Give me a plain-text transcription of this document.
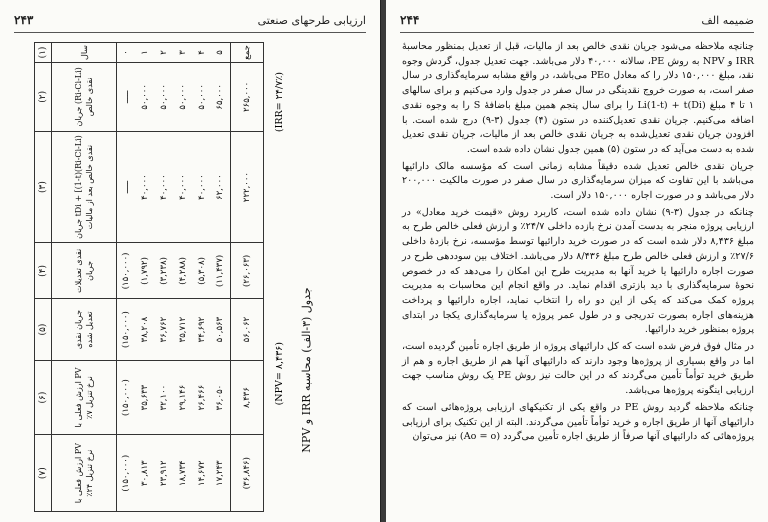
ارزیابی طرحهای صنعتی
۲۴۳
(۱)	(۲)	(۳)	(۴)	(۵)	(۶)	(۷)
سال	(Ri-Ci-Li) جریان نقدی خالص	(Ri-Ci-Li)(1-t)] + tDi جریان نقدی خالص بعد از مالیات	نقدی تعدیلات جریان	جریان نقدی تعدیل شده	PV ارزش فعلی با نرخ تنزیل ۷٪	PV ارزش فعلی با نرخ تنزیل ۲۴٪
۰	ـــــ	ـــــ	(۱۵۰,۰۰۰)	(۱۵۰,۰۰۰)	(۱۵۰,۰۰۰)	(۱۵۰,۰۰۰)
۱	۵۰,۰۰۰	۴۰,۰۰۰	(۱,۷۹۲)	۳۸,۲۰۸	۳۵,۶۳۳	۳۰,۸۱۳
۲	۵۰,۰۰۰	۴۰,۰۰۰	(۳,۲۳۸)	۳۶,۷۶۲	۳۲,۱۰۰	۲۳,۹۱۲
۳	۵۰,۰۰۰	۴۰,۰۰۰	(۴,۲۸۸)	۳۵,۷۱۲	۲۹,۱۴۶	۱۸,۷۳۴
۴	۵۰,۰۰۰	۴۰,۰۰۰	(۵,۳۰۸)	۳۴,۶۹۲	۲۶,۴۶۶	۱۴,۶۷۲
۵	۶۵,۰۰۰	۶۲,۰۰۰	(۱۱,۴۳۷)	۵۰,۵۶۳	۳۶,۰۵۰	۱۷,۲۴۳
جمع	۲۶۵,۰۰۰	۲۲۲,۰۰۰	(۲۶,۰۶۳)	۵۶,۰۶۲	۸,۴۳۶	(۳۶,۸۴۶)
(IRR= ۲۴/۷٪)
(NPV= ۸,۴۳۶)
جدول (۳-الف) محاسبه IRR و NPV
ضمیمه الف
۲۴۴

چنانچه ملاحظه می‌شود جریان نقدی خالص بعد از مالیات، قبل از تعدیل بمنظور محاسبهٔ IRR و NPV به روش PE، سالانه ۴۰,۰۰۰ دلار می‌باشد. جهت تعدیل جدول، گردش وجوه نقد، مبلغ ۱۵۰,۰۰۰ دلار را که معادل PEo می‌باشد، در واقع مشابه سرمایه‌گذاری در سال صفر است، به صورت خروج نقدینگی در سال صفر در جدول وارد می‌کنیم و برای سالهای ۱ تا ۴ مبلغ Li(1-t) + t(Di) را برای سال پنجم همین مبلغ باضافهٔ S را به وجوه نقدی اضافه می‌کنیم. جریان نقدی تعدیل‌کننده در ستون (۴) جدول (۳-۹) درج شده است. با افزودن جریان نقدی تعدیل‌شده به جریان نقدی خالص بعد از مالیات، جریان نقدی تعدیل شده به دست می‌آید که در ستون (۵) همین جدول نشان داده شده است.

جریان نقدی خالص تعدیل شده دقیقاً مشابه زمانی است که مؤسسه مالک دارائیها می‌باشد با این تفاوت که میزان سرمایه‌گذاری در سال صفر در صورت مالکیت ۲۰۰,۰۰۰ دلار می‌باشد و در صورت اجاره ۱۵۰,۰۰۰ دلار است.

چنانکه در جدول (۳-۹) نشان داده شده است، کاربرد روش «قیمت خرید معادل» در ارزیابی پروژه منجر به بدست آمدن نرخ بازده داخلی ۲۴/۷٪ و ارزش فعلی خالص طرح به مبلغ ۸,۴۳۶ دلار شده است که در صورت خرید دارائیها توسط مؤسسه، نرخ بازدهٔ داخلی ۲۷/۶٪ و ارزش فعلی خالص طرح مبلغ ۸/۴۳۶ دلار می‌باشد. اختلاف بین سوددهی طرح در صورت اجاره دارائیها یا خرید آنها به مدیریت طرح این امکان را می‌دهد که در خصوص نحوهٔ سرمایه‌گذاری با دید بازتری اقدام نماید. در واقع انجام این محاسبات به مدیریت پروژه کمک می‌کند که یکی از این دو راه را انتخاب نماید، اجاره دارائیها و پرداخت هزینه‌های اجاره بصورت تدریجی و در طول عمر پروژه یا سرمایه‌گذاری یکجا در ابتدای پروژه بمنظور خرید دارائیها.

در مثال فوق فرض شده است که کل دارائیهای پروژه از طریق اجاره تأمین گردیده است، اما در واقع بسیاری از پروژه‌ها وجود دارند که دارائیهای آنها هم از طریق اجاره و هم از طریق خرید توأماً تأمین می‌گردند که در این حالت نیز روش PE یک روش مناسب جهت ارزیابی اینگونه پروژه‌ها می‌باشد.

چنانکه ملاحظه گردید روش PE در واقع یکی از تکنیکهای ارزیابی پروژه‌هائی است که دارائیهای آنها از طریق اجاره و خرید توأماً تأمین می‌گردند. البته از این تکنیک برای ارزیابی پروژه‌هائی که دارائیهای آنها صرفاً از طریق اجاره تأمین می‌گردد (Ao = o) نیز می‌توان
